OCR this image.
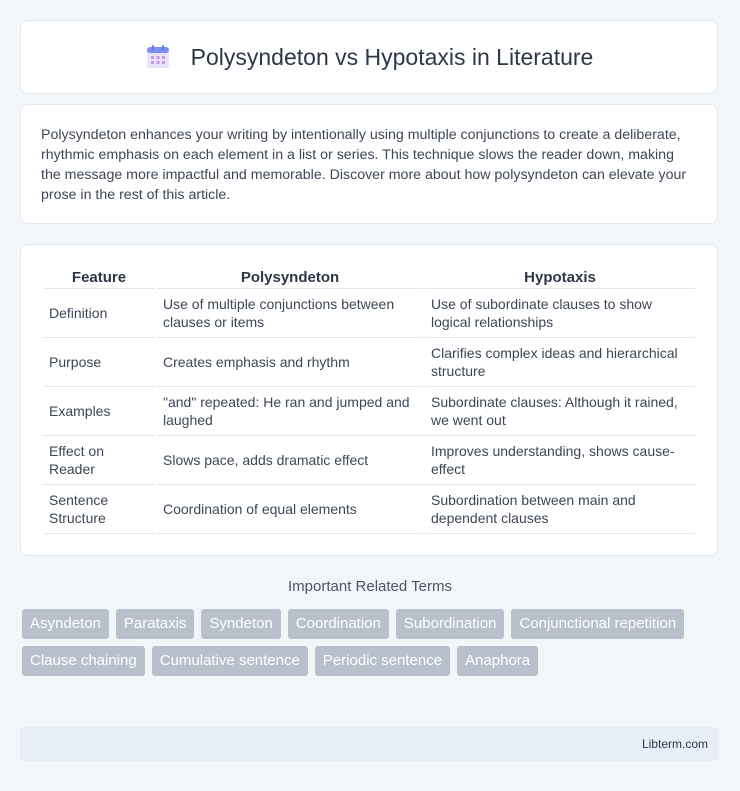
Polysyndeton vs Hypotaxis in Literature

Polysyndeton enhances your writing by intentionally using multiple conjunctions to create a deliberate, rhythmic emphasis on each element in a list or series. This technique slows the reader down, making the message more impactful and memorable. Discover more about how polysyndeton can elevate your prose in the rest of this article.

Feature	Polysyndeton	Hypotaxis
Definition	Use of multiple conjunctions between clauses or items	Use of subordinate clauses to show logical relationships
Purpose	Creates emphasis and rhythm	Clarifies complex ideas and hierarchical structure
Examples	"and" repeated: He ran and jumped and laughed	Subordinate clauses: Although it rained, we went out
Effect on Reader	Slows pace, adds dramatic effect	Improves understanding, shows cause-effect
Sentence Structure	Coordination of equal elements	Subordination between main and dependent clauses
Important Related Terms
Asyndeton	Parataxis	Syndeton	Coordination	Subordination	Conjunctional repetition
Clause chaining	Cumulative sentence	Periodic sentence	Anaphora
Libterm.com
